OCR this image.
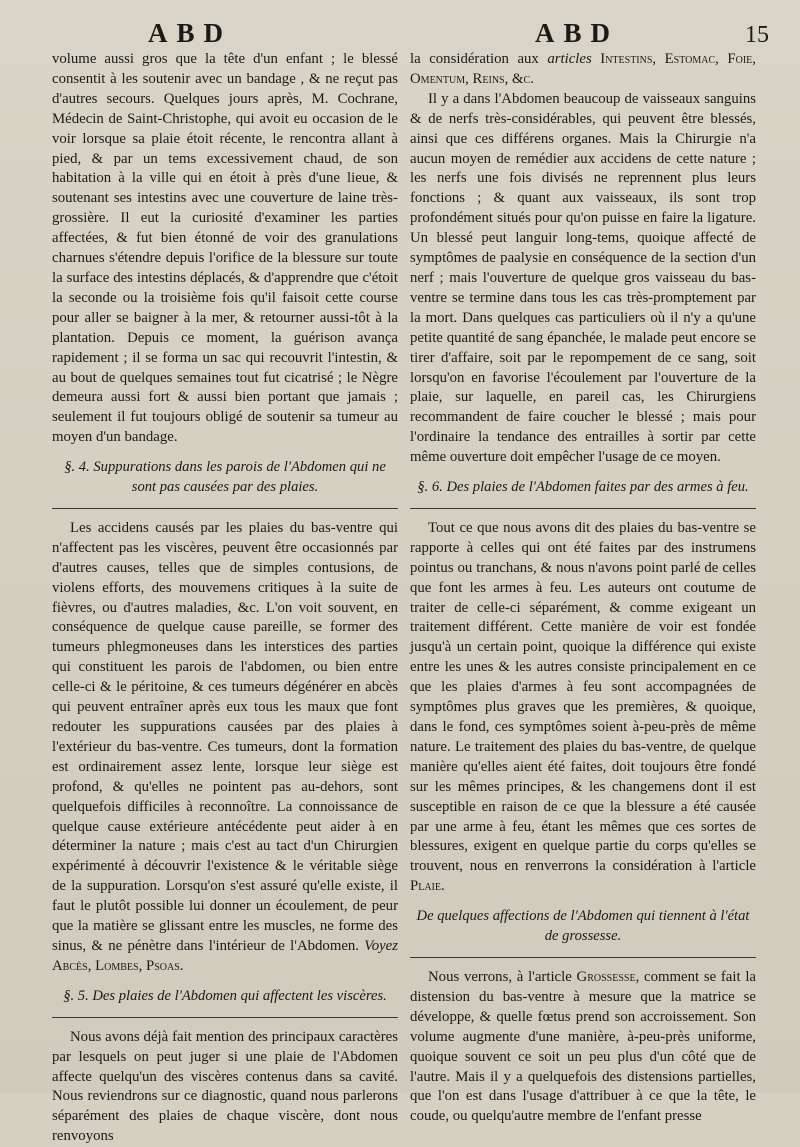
ABD	ABD	15

volume aussi gros que la tête d'un enfant ; le blessé consentit à les soutenir avec un bandage , & ne reçut pas d'autres secours. Quelques jours après, M. Cochrane, Médecin de Saint-Christophe, qui avoit eu occasion de le voir lorsque sa plaie étoit récente, le rencontra allant à pied, & par un tems excessivement chaud, de son habitation à la ville qui en étoit à près d'une lieue, & soutenant ses intestins avec une couverture de laine très-grossière. Il eut la curiosité d'examiner les parties affectées, & fut bien étonné de voir des granulations charnues s'étendre depuis l'orifice de la blessure sur toute la surface des intestins déplacés, & d'apprendre que c'étoit la seconde ou la troisième fois qu'il faisoit cette course pour aller se baigner à la mer, & retourner aussi-tôt à la plantation. Depuis ce moment, la guérison avança rapidement ; il se forma un sac qui recouvrit l'intestin, & au bout de quelques semaines tout fut cicatrisé ; le Nègre demeura aussi fort & aussi bien portant que jamais ; seulement il fut toujours obligé de soutenir sa tumeur au moyen d'un bandage.

§. 4. Suppurations dans les parois de l'Abdomen qui ne sont pas causées par des plaies.

Les accidens causés par les plaies du bas-ventre qui n'affectent pas les viscères, peuvent être occasionnés par d'autres causes, telles que de simples contusions, de violens efforts, des mouvemens critiques à la suite de fièvres, ou d'autres maladies, &c. L'on voit souvent, en conséquence de quelque cause pareille, se former des tumeurs phlegmoneuses dans les interstices des parties qui constituent les parois de l'abdomen, ou bien entre celle-ci & le péritoine, & ces tumeurs dégénérer en abcès qui peuvent entraîner après eux tous les maux que font redouter les suppurations causées par des plaies à l'extérieur du bas-ventre. Ces tumeurs, dont la formation est ordinairement assez lente, lorsque leur siège est profond, & qu'elles ne pointent pas au-dehors, sont quelquefois difficiles à reconnoître. La connoissance de quelque cause extérieure antécédente peut aider à en déterminer la nature ; mais c'est au tact d'un Chirurgien expérimenté à découvrir l'existence & le véritable siège de la suppuration. Lorsqu'on s'est assuré qu'elle existe, il faut le plutôt possible lui donner un écoulement, de peur que la matière se glissant entre les muscles, ne forme des sinus, & ne pénètre dans l'intérieur de l'Abdomen. Voyez Abcès, Lombes, Psoas.

§. 5. Des plaies de l'Abdomen qui affectent les viscères.

Nous avons déjà fait mention des principaux caractères par lesquels on peut juger si une plaie de l'Abdomen affecte quelqu'un des viscères contenus dans sa cavité. Nous reviendrons sur ce diagnostic, quand nous parlerons séparément des plaies de chaque viscère, dont nous renvoyons

la considération aux articles Intestins, Estomac, Foie, Omentum, Reins, &c.

Il y a dans l'Abdomen beaucoup de vaisseaux sanguins & de nerfs très-considérables, qui peuvent être blessés, ainsi que ces différens organes. Mais la Chirurgie n'a aucun moyen de remédier aux accidens de cette nature ; les nerfs une fois divisés ne reprennent plus leurs fonctions ; & quant aux vaisseaux, ils sont trop profondément situés pour qu'on puisse en faire la ligature. Un blessé peut languir long-tems, quoique affecté de symptômes de paalysie en conséquence de la section d'un nerf ; mais l'ouverture de quelque gros vaisseau du bas-ventre se termine dans tous les cas très-promptement par la mort. Dans quelques cas particuliers où il n'y a qu'une petite quantité de sang épanchée, le malade peut encore se tirer d'affaire, soit par le repompement de ce sang, soit lorsqu'on en favorise l'écoulement par l'ouverture de la plaie, sur laquelle, en pareil cas, les Chirurgiens recommandent de faire coucher le blessé ; mais pour l'ordinaire la tendance des entrailles à sortir par cette même ouverture doit empêcher l'usage de ce moyen.

§. 6. Des plaies de l'Abdomen faites par des armes à feu.

Tout ce que nous avons dit des plaies du bas-ventre se rapporte à celles qui ont été faites par des instrumens pointus ou tranchans, & nous n'avons point parlé de celles que font les armes à feu. Les auteurs ont coutume de traiter de celle-ci séparément, & comme exigeant un traitement différent. Cette manière de voir est fondée jusqu'à un certain point, quoique la différence qui existe entre les unes & les autres consiste principalement en ce que les plaies d'armes à feu sont accompagnées de symptômes plus graves que les premières, & quoique, dans le fond, ces symptômes soient à-peu-près de même nature. Le traitement des plaies du bas-ventre, de quelque manière qu'elles aient été faites, doit toujours être fondé sur les mêmes principes, & les changemens dont il est susceptible en raison de ce que la blessure a été causée par une arme à feu, étant les mêmes que ces sortes de blessures, exigent en quelque partie du corps qu'elles se trouvent, nous en renverrons la considération à l'article Plaie.

De quelques affections de l'Abdomen qui tiennent à l'état de grossesse.

Nous verrons, à l'article Grossesse, comment se fait la distension du bas-ventre à mesure que la matrice se développe, & quelle fœtus prend son accroissement. Son volume augmente d'une manière, à-peu-près uniforme, quoique souvent ce soit un peu plus d'un côté que de l'autre. Mais il y a quelquefois des distensions partielles, que l'on est dans l'usage d'attribuer à ce que la tête, le coude, ou quelqu'autre membre de l'enfant presse
